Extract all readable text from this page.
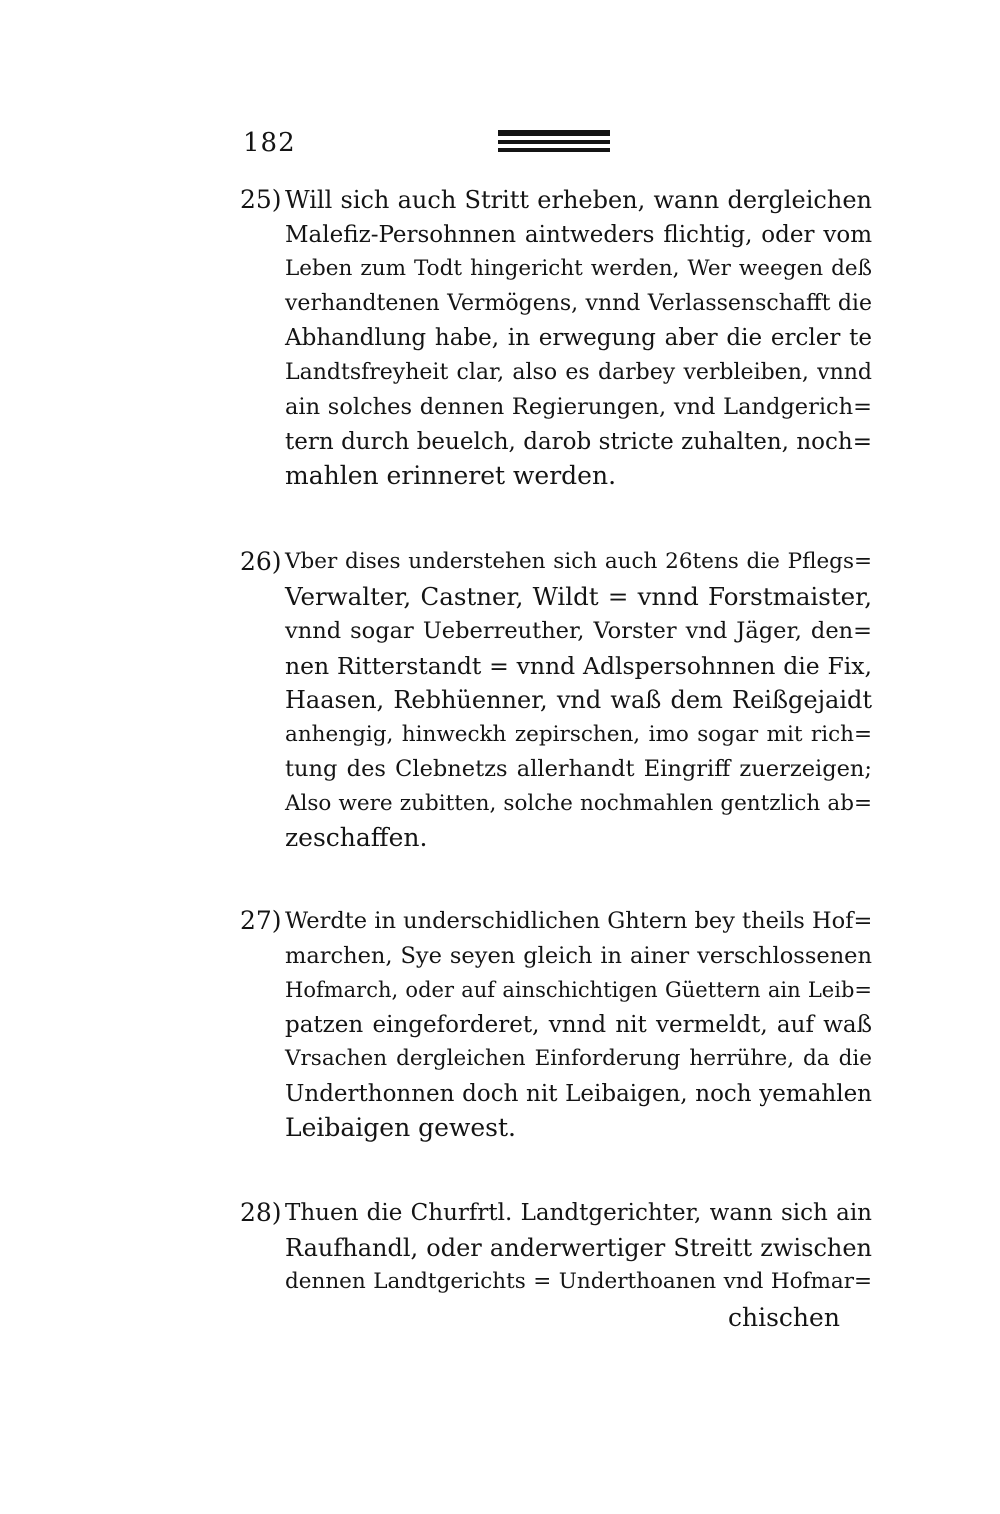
182
25) Will sich auch Stritt erheben, wann dergleichen
Malefiz-Persohnnen aintweders flichtig, oder vom
Leben zum Todt hingericht werden, Wer weegen deß
verhandtenen Vermögens, vnnd Verlassenschafft die
Abhandlung habe, in erwegung aber die ercler te
Landtsfreyheit clar, also es darbey verbleiben, vnnd
ain solches dennen Regierungen, vnd Landgerich=
tern durch beuelch, darob stricte zuhalten, noch=
mahlen erinneret werden.
26) Vber dises understehen sich auch 26tens die Pflegs=
Verwalter, Castner, Wildt = vnnd Forstmaister,
vnnd sogar Ueberreuther, Vorster vnd Jäger, den=
nen Ritterstandt = vnnd Adlspersohnnen die Fix,
Haasen, Rebhüenner, vnd waß dem Reißgejaidt
anhengig, hinweckh zepirschen, imo sogar mit rich=
tung des Clebnetzs allerhandt Eingriff zuerzeigen;
Also were zubitten, solche nochmahlen gentzlich ab=
zeschaffen.
27) Werdte in underschidlichen Ghtern bey theils Hof=
marchen, Sye seyen gleich in ainer verschlossenen
Hofmarch, oder auf ainschichtigen Güettern ain Leib=
patzen eingeforderet, vnnd nit vermeldt, auf waß
Vrsachen dergleichen Einforderung herrühre, da die
Underthonnen doch nit Leibaigen, noch yemahlen
Leibaigen gewest.
28) Thuen die Churfrtl. Landtgerichter, wann sich ain
Raufhandl, oder anderwertiger Streitt zwischen
dennen Landtgerichts = Underthoanen vnd Hofmar=
chischen
